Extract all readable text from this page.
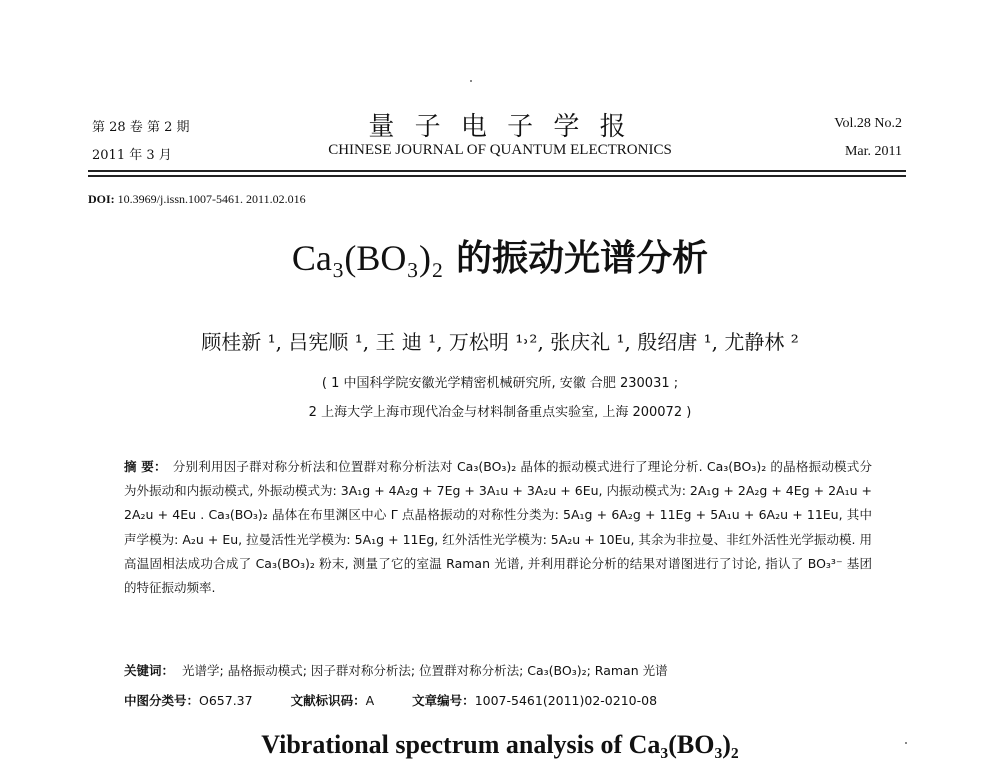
第 28 卷 第 2 期
2011 年 3 月
量 子 电 子 学 报
CHINESE JOURNAL OF QUANTUM ELECTRONICS
Vol.28 No.2
Mar. 2011
DOI: 10.3969/j.issn.1007-5461. 2011.02.016
Ca₃(BO₃)₂ 的振动光谱分析
顾桂新 ¹, 吕宪顺 ¹, 王 迪 ¹, 万松明 ¹˒², 张庆礼 ¹, 殷绍唐 ¹, 尤静林 ²
( 1 中国科学院安徽光学精密机械研究所, 安徽 合肥 230031 ;
2 上海大学上海市现代冶金与材料制备重点实验室, 上海 200072 )
摘 要： 分别利用因子群对称分析法和位置群对称分析法对 Ca₃(BO₃)₂ 晶体的振动模式进行了理论分析. Ca₃(BO₃)₂ 的晶格振动模式分为外振动和内振动模式, 外振动模式为: 3A₁g + 4A₂g + 7Eg + 3A₁u + 3A₂u + 6Eu, 内振动模式为: 2A₁g + 2A₂g + 4Eg + 2A₁u + 2A₂u + 4Eu . Ca₃(BO₃)₂ 晶体在布里渊区中心 Γ 点晶格振动的对称性分类为: 5A₁g + 6A₂g + 11Eg + 5A₁u + 6A₂u + 11Eu, 其中声学模为: A₂u + Eu, 拉曼活性光学模为: 5A₁g + 11Eg, 红外活性光学模为: 5A₂u + 10Eu, 其余为非拉曼、非红外活性光学振动模. 用高温固相法成功合成了 Ca₃(BO₃)₂ 粉末, 测量了它的室温 Raman 光谱, 并利用群论分析的结果对谱图进行了讨论, 指认了 BO₃³⁻ 基团的特征振动频率.
关键词： 光谱学; 晶格振动模式; 因子群对称分析法; 位置群对称分析法; Ca₃(BO₃)₂; Raman 光谱
中图分类号：O657.37	文献标识码：A	文章编号：1007-5461(2011)02-0210-08
Vibrational spectrum analysis of Ca₃(BO₃)₂
